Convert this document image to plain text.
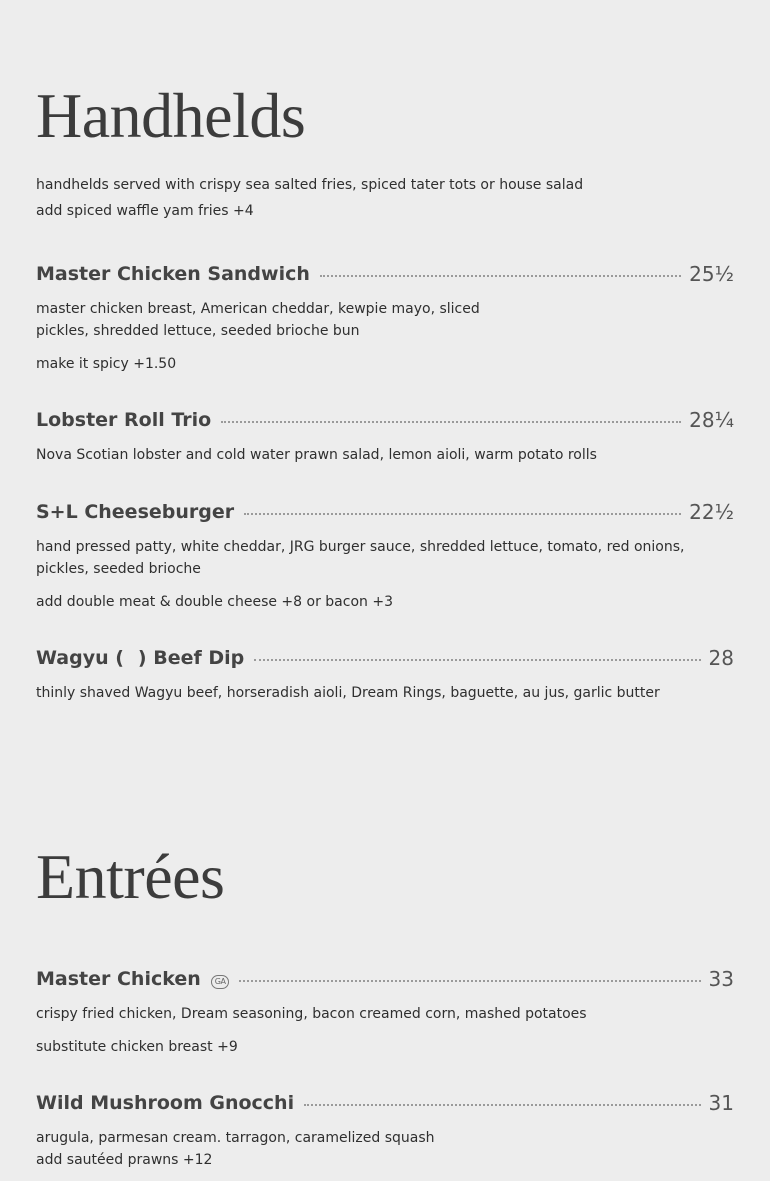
Handhelds

handhelds served with crispy sea salted fries, spiced tater tots or house salad
add spiced waffle yam fries +4

Master Chicken Sandwich	25½

master chicken breast, American cheddar, kewpie mayo, sliced
pickles, shredded lettuce, seeded brioche bun

make it spicy +1.50

Lobster Roll Trio	28¼

Nova Scotian lobster and cold water prawn salad, lemon aioli, warm potato rolls

S+L Cheeseburger	22½

hand pressed patty, white cheddar, JRG burger sauce, shredded lettuce, tomato, red onions,
pickles, seeded brioche

add double meat & double cheese +8 or bacon +3

Wagyu ( ) Beef Dip	28

thinly shaved Wagyu beef, horseradish aioli, Dream Rings, baguette, au jus, garlic butter

Entrées
Master Chicken GA	33

crispy fried chicken, Dream seasoning, bacon creamed corn, mashed potatoes

substitute chicken breast +9

Wild Mushroom Gnocchi	31

arugula, parmesan cream. tarragon, caramelized squash
add sautéed prawns +12
